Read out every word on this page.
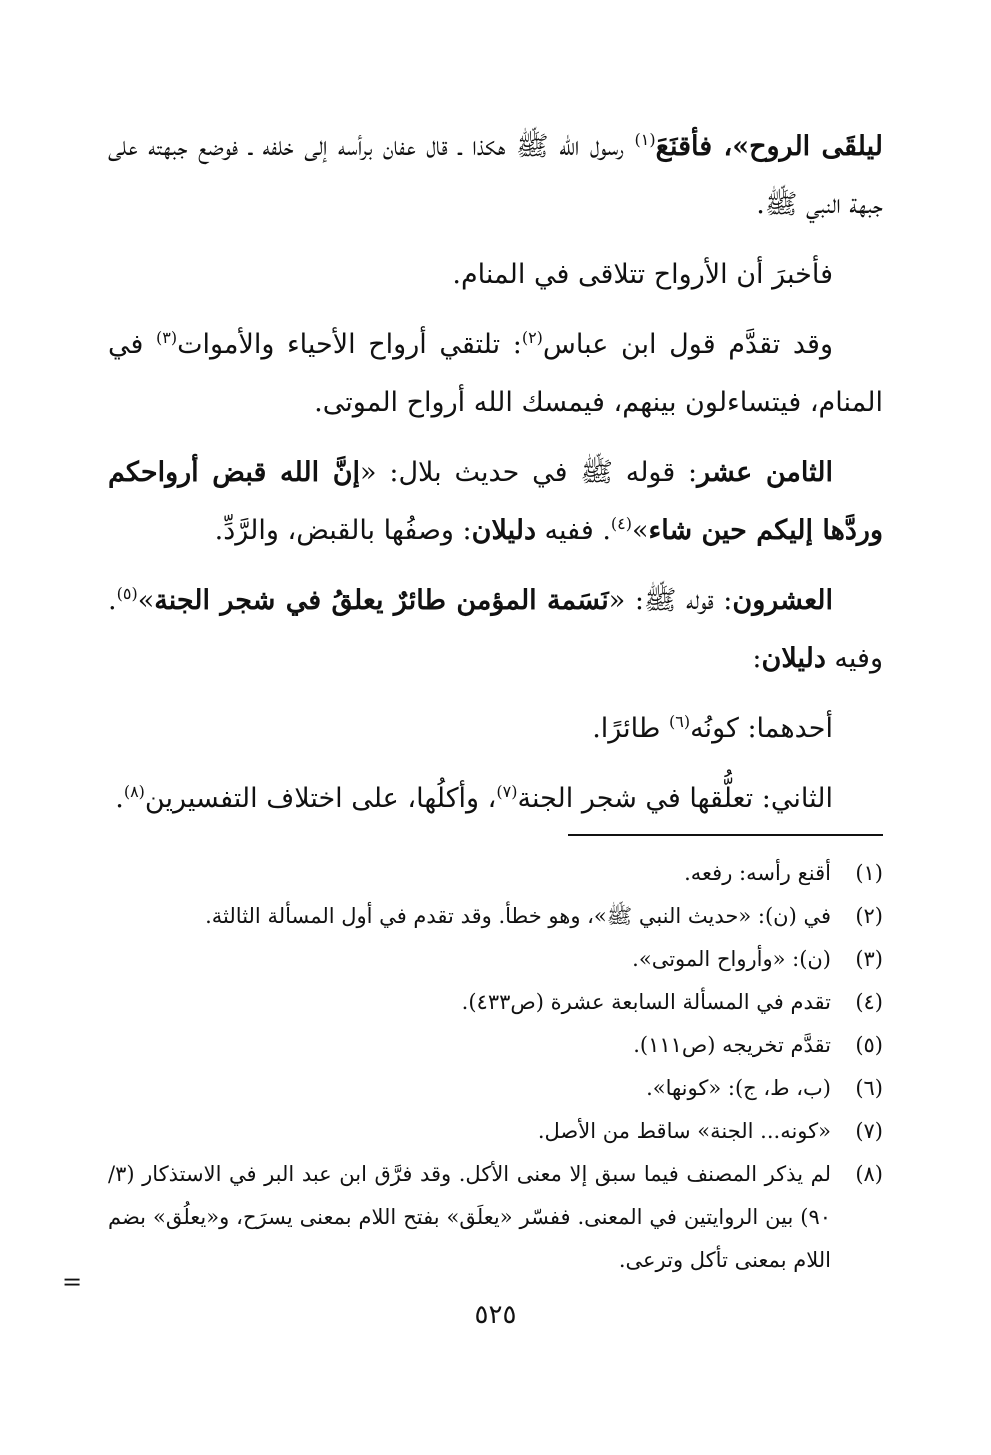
ليلقَى الروح»، فأقنَعَ$^{(١)}$ رسول الله ﷺ هكذا ـ قال عفان برأسه إلى خلفه ـ فوضع جبهته على جبهة النبي ﷺ.

فأخبرَ أن الأرواح تتلاقى في المنام.

وقد تقدَّم قول ابن عباس$^{(٢)}$: تلتقي أرواح الأحياء والأموات$^{(٣)}$ في المنام، فيتساءلون بينهم، فيمسك الله أرواح الموتى.

الثامن عشر: قوله ﷺ في حديث بلال: «إنَّ الله قبض أرواحكم وردَّها إليكم حين شاء»$^{(٤)}$. ففيه دليلان: وصفُها بالقبض، والرَّدِّ.

العشرون: قوله ﷺ: «نَسَمة المؤمن طائرٌ يعلقُ في شجر الجنة»$^{(٥)}$. وفيه دليلان:

أحدهما: كونُه$^{(٦)}$ طائرًا.

الثاني: تعلُّقها في شجر الجنة$^{(٧)}$، وأكلُها، على اختلاف التفسيرين$^{(٨)}$.

(١)
أقنع رأسه: رفعه.
(٢)
في (ن): «حديث النبي ﷺ»، وهو خطأ. وقد تقدم في أول المسألة الثالثة.
(٣)
(ن): «وأرواح الموتى».
(٤)
تقدم في المسألة السابعة عشرة (ص٤٣٣).
(٥)
تقدَّم تخريجه (ص١١١).
(٦)
(ب، ط، ج): «كونها».
(٧)
«كونه... الجنة» ساقط من الأصل.
(٨)
لم يذكر المصنف فيما سبق إلا معنى الأكل. وقد فرَّق ابن عبد البر في الاستذكار (٣/ ٩٠) بين الروايتين في المعنى. ففسّر «يعلَق» بفتح اللام بمعنى يسرَح، و«يعلُق» بضم اللام بمعنى تأكل وترعى.
=
٥٢٥
